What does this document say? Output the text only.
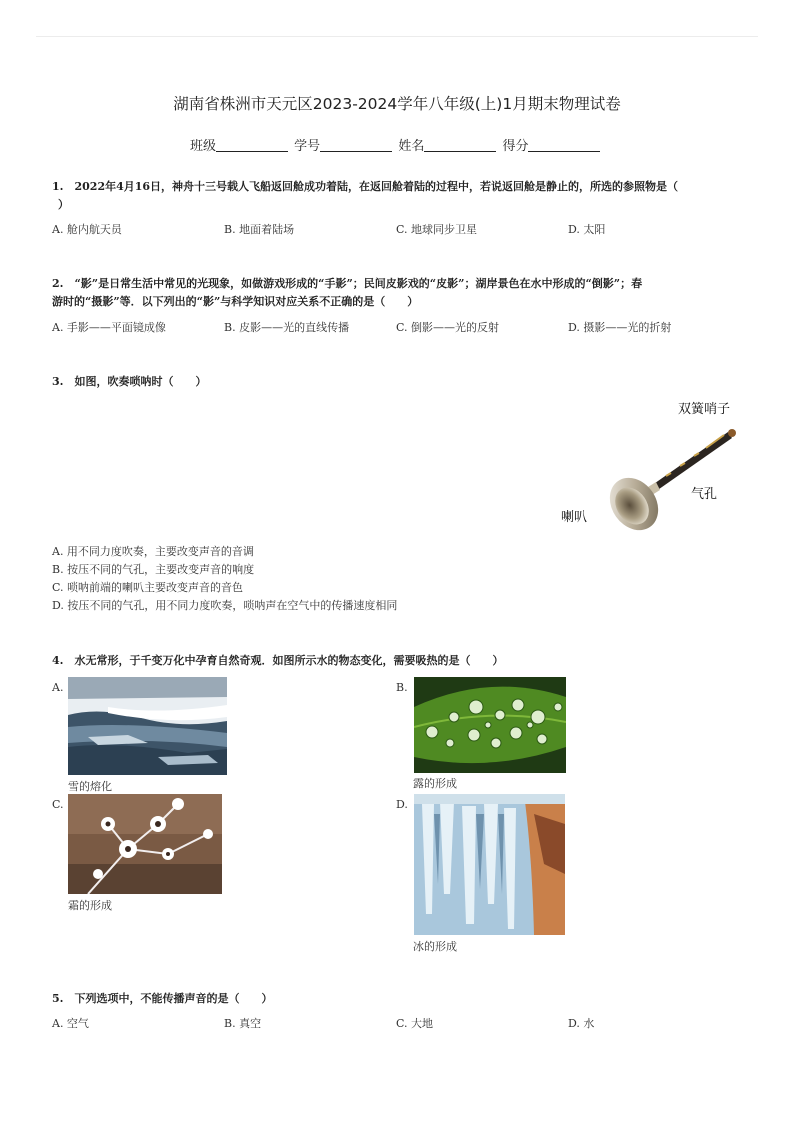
湖南省株洲市天元区2023-2024学年八年级(上)1月期末物理试卷
班级	学号	姓名	得分
1.　2022年4月16日，神舟十三号载人飞船返回舱成功着陆，在返回舱着陆的过程中，若说返回舱是静止的，所选的参照物是（
）
A. 舱内航天员	B. 地面着陆场	C. 地球同步卫星	D. 太阳
2.　“影”是日常生活中常见的光现象，如做游戏形成的“手影”；民间皮影戏的“皮影”；湖岸景色在水中形成的“倒影”；春
游时的“摄影”等．以下列出的“影”与科学知识对应关系不正确的是（　　）
A. 手影——平面镜成像	B. 皮影——光的直线传播	C. 倒影——光的反射	D. 摄影——光的折射
3.　如图，吹奏唢呐时（　　）
双簧哨子
气孔
喇叭
A. 用不同力度吹奏，主要改变声音的音调
B. 按压不同的气孔，主要改变声音的响度
C. 唢呐前端的喇叭主要改变声音的音色
D. 按压不同的气孔，用不同力度吹奏，唢呐声在空气中的传播速度相同
4.　水无常形，于千变万化中孕育自然奇观．如图所示水的物态变化，需要吸热的是（　　）
A.
雪的熔化
B.
露的形成
C.
霜的形成
D.
冰的形成
5.　下列选项中，不能传播声音的是（　　）
A. 空气	B. 真空	C. 大地	D. 水
